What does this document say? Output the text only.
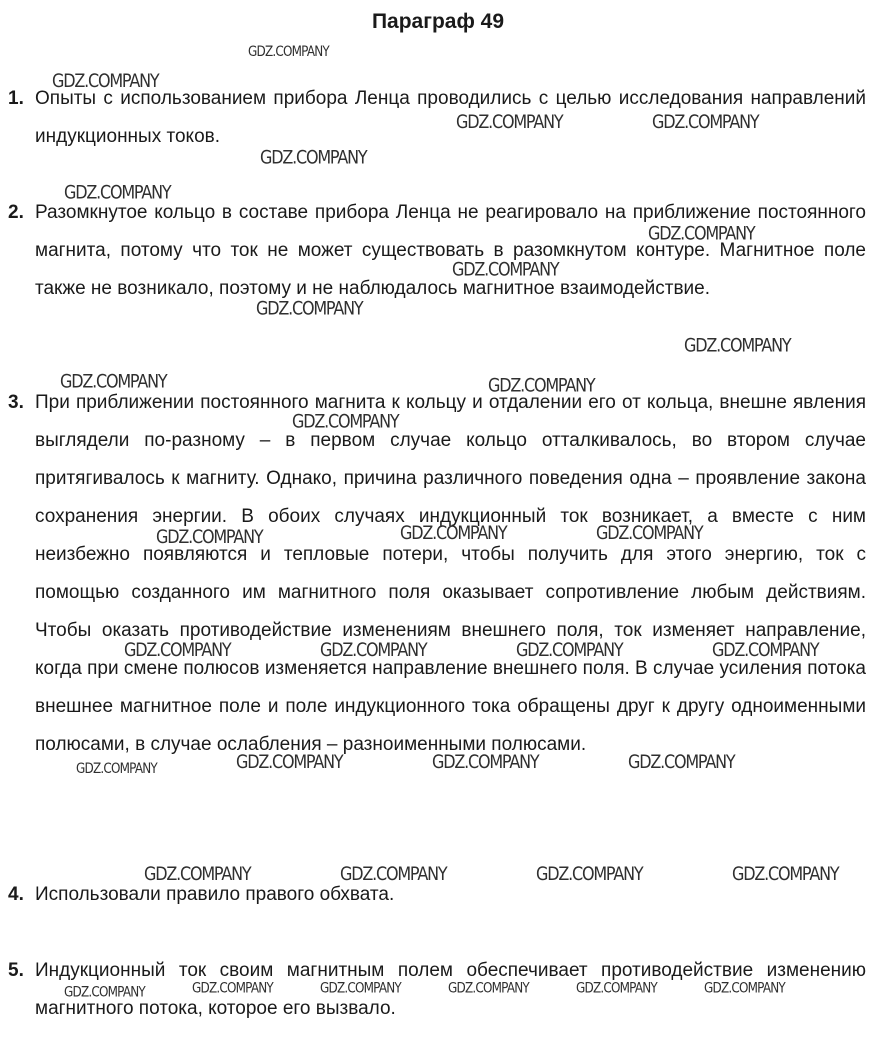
Параграф 49
1. Опыты с использованием прибора Ленца проводились с целью исследования направлений индукционных токов.
2. Разомкнутое кольцо в составе прибора Ленца не реагировало на приближение постоянного магнита, потому что ток не может существовать в разомкнутом контуре. Магнитное поле также не возникало, поэтому и не наблюдалось магнитное взаимодействие.
3. При приближении постоянного магнита к кольцу и отдалении его от кольца, внешне явления выглядели по-разному – в первом случае кольцо отталкивалось, во втором случае притягивалось к магниту. Однако, причина различного поведения одна – проявление закона сохранения энергии. В обоих случаях индукционный ток возникает, а вместе с ним неизбежно появляются и тепловые потери, чтобы получить для этого энергию, ток с помощью созданного им магнитного поля оказывает сопротивление любым действиям. Чтобы оказать противодействие изменениям внешнего поля, ток изменяет направление, когда при смене полюсов изменяется направление внешнего поля. В случае усиления потока внешнее магнитное поле и поле индукционного тока обращены друг к другу одноименными полюсами, в случае ослабления – разноименными полюсами.
4. Использовали правило правого обхвата.
5. Индукционный ток своим магнитным полем обеспечивает противодействие изменению магнитного потока, которое его вызвало.
GDZ.COMPANY
GDZ.COMPANY
GDZ.COMPANY	GDZ.COMPANY
GDZ.COMPANY
GDZ.COMPANY
GDZ.COMPANY
GDZ.COMPANY
GDZ.COMPANY
GDZ.COMPANY
GDZ.COMPANY	GDZ.COMPANY
GDZ.COMPANY
GDZ.COMPANY	GDZ.COMPANY	GDZ.COMPANY
GDZ.COMPANY	GDZ.COMPANY	GDZ.COMPANY	GDZ.COMPANY
GDZ.COMPANY	GDZ.COMPANY	GDZ.COMPANY	GDZ.COMPANY
GDZ.COMPANY	GDZ.COMPANY	GDZ.COMPANY	GDZ.COMPANY
GDZ.COMPANY	GDZ.COMPANY	GDZ.COMPANY	GDZ.COMPANY	GDZ.COMPANY	GDZ.COMPANY
